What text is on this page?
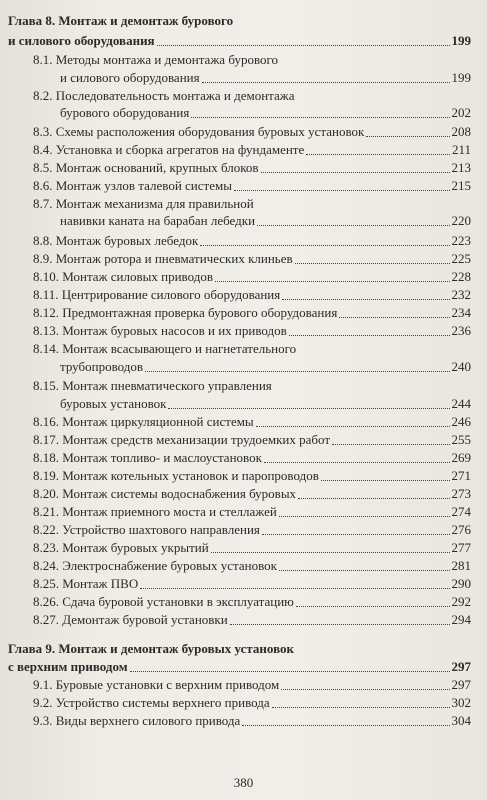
Глава 8. Монтаж и демонтаж бурового
и силового оборудования	199
8.1. Методы монтажа и демонтажа бурового
и силового оборудования	199
8.2. Последовательность монтажа и демонтажа
бурового оборудования	202
8.3. Схемы расположения оборудования буровых установок	208
8.4. Установка и сборка агрегатов на фундаменте	211
8.5. Монтаж оснований, крупных блоков	213
8.6. Монтаж узлов талевой системы	215
8.7. Монтаж механизма для правильной
навивки каната на барабан лебедки	220
8.8. Монтаж буровых лебедок	223
8.9. Монтаж ротора и пневматических клиньев	225
8.10. Монтаж силовых приводов	228
8.11. Центрирование силового оборудования	232
8.12. Предмонтажная проверка бурового оборудования	234
8.13. Монтаж буровых насосов и их приводов	236
8.14. Монтаж всасывающего и нагнетательного
трубопроводов	240
8.15. Монтаж пневматического управления
буровых установок	244
8.16. Монтаж циркуляционной системы	246
8.17. Монтаж средств механизации трудоемких работ	255
8.18. Монтаж топливо- и маслоустановок	269
8.19. Монтаж котельных установок и паропроводов	271
8.20. Монтаж системы водоснабжения буровых	273
8.21. Монтаж приемного моста и стеллажей	274
8.22. Устройство шахтового направления	276
8.23. Монтаж буровых укрытий	277
8.24. Электроснабжение буровых установок	281
8.25. Монтаж ПВО	290
8.26. Сдача буровой установки в эксплуатацию	292
8.27. Демонтаж буровой установки	294
Глава 9. Монтаж и демонтаж буровых установок
с верхним приводом	297
9.1. Буровые установки с верхним приводом	297
9.2. Устройство системы верхнего привода	302
9.3. Виды верхнего силового привода	304
380
